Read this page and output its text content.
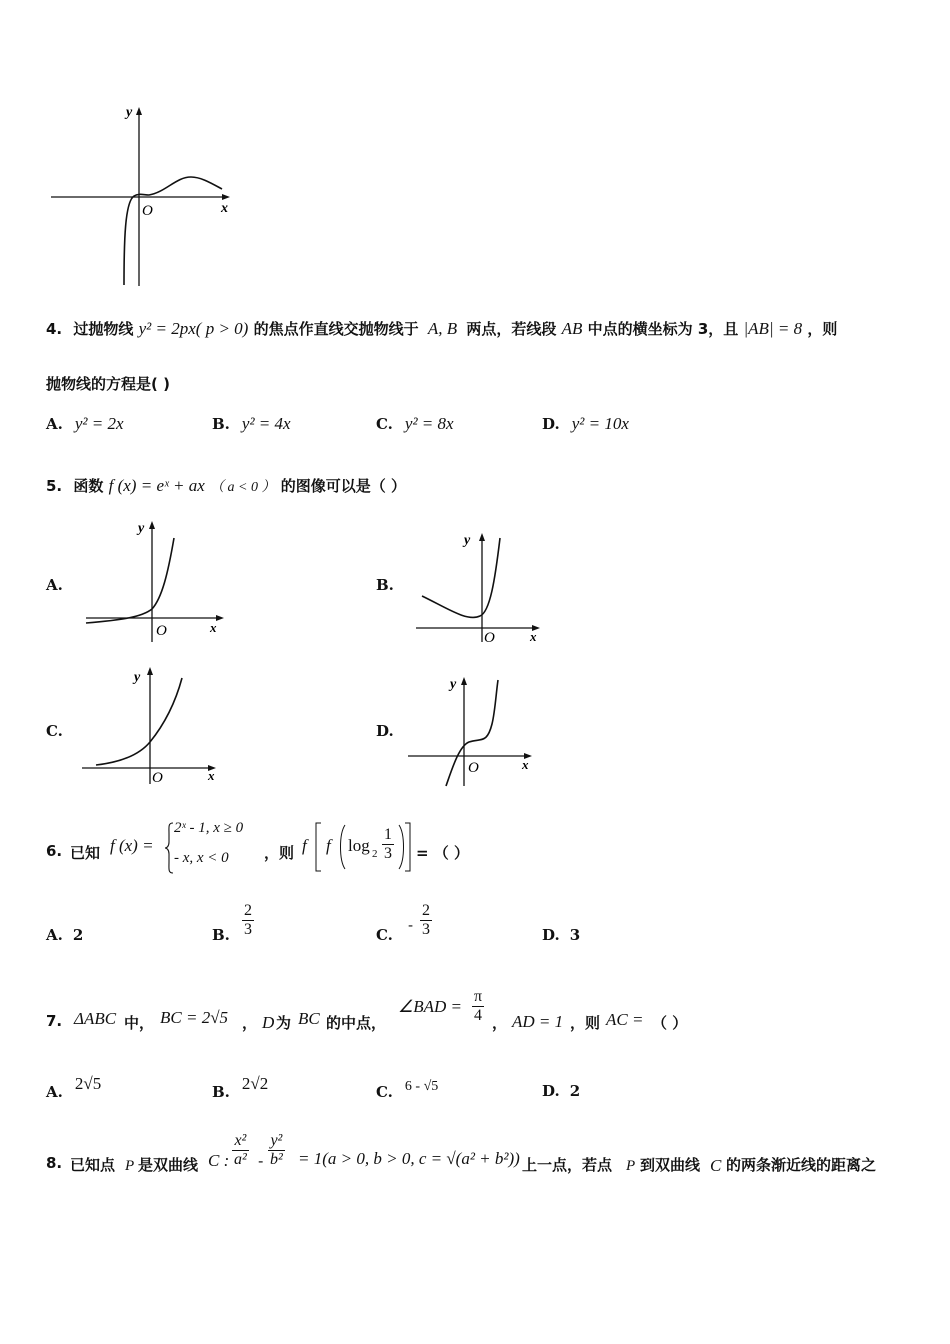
y
x
O
4. 过抛物线 y² = 2px( p > 0) 的焦点作直线交抛物线于 A, B 两点，若线段 AB 中点的横坐标为 3，且 |AB| = 8 ，则
抛物线的方程是( )
A. y² = 2x	B. y² = 4x	C. y² = 8x	D. y² = 10x
5. 函数 f (x) = eˣ + ax （ a < 0 ） 的图像可以是（ ）
A.
y
x
O
B.
y
x
O
C.
y
x
O
D.
y
x
O
6. 已知 f (x) =
2ˣ - 1, x ≥ 0
- x, x < 0 ，则 f f $\log 2 \frac{1}{3}$ = （ ）
A. 2	B. $\frac{2}{3}$	C.
- $\frac{2}{3}$	D. 3
7. ΔABC 中， BC = 2√5 ， D 为 BC 的中点，
∠BAD = $\frac{\pi}{4}$ ， AD = 1 ，则 AC = （ ）
A. 2√5	B. 2√2	C. 6 - √5	D. 2
8. 已知点 P 是双曲线 C : $\frac{\text{x²}}{\text{a²}} - \frac{\text{y²}}{\text{b²}} = 1(a > 0$, b > 0, c = √(a² + b²)) 上一点，若点 P 到双曲线 C 的两条渐近线的距离之
